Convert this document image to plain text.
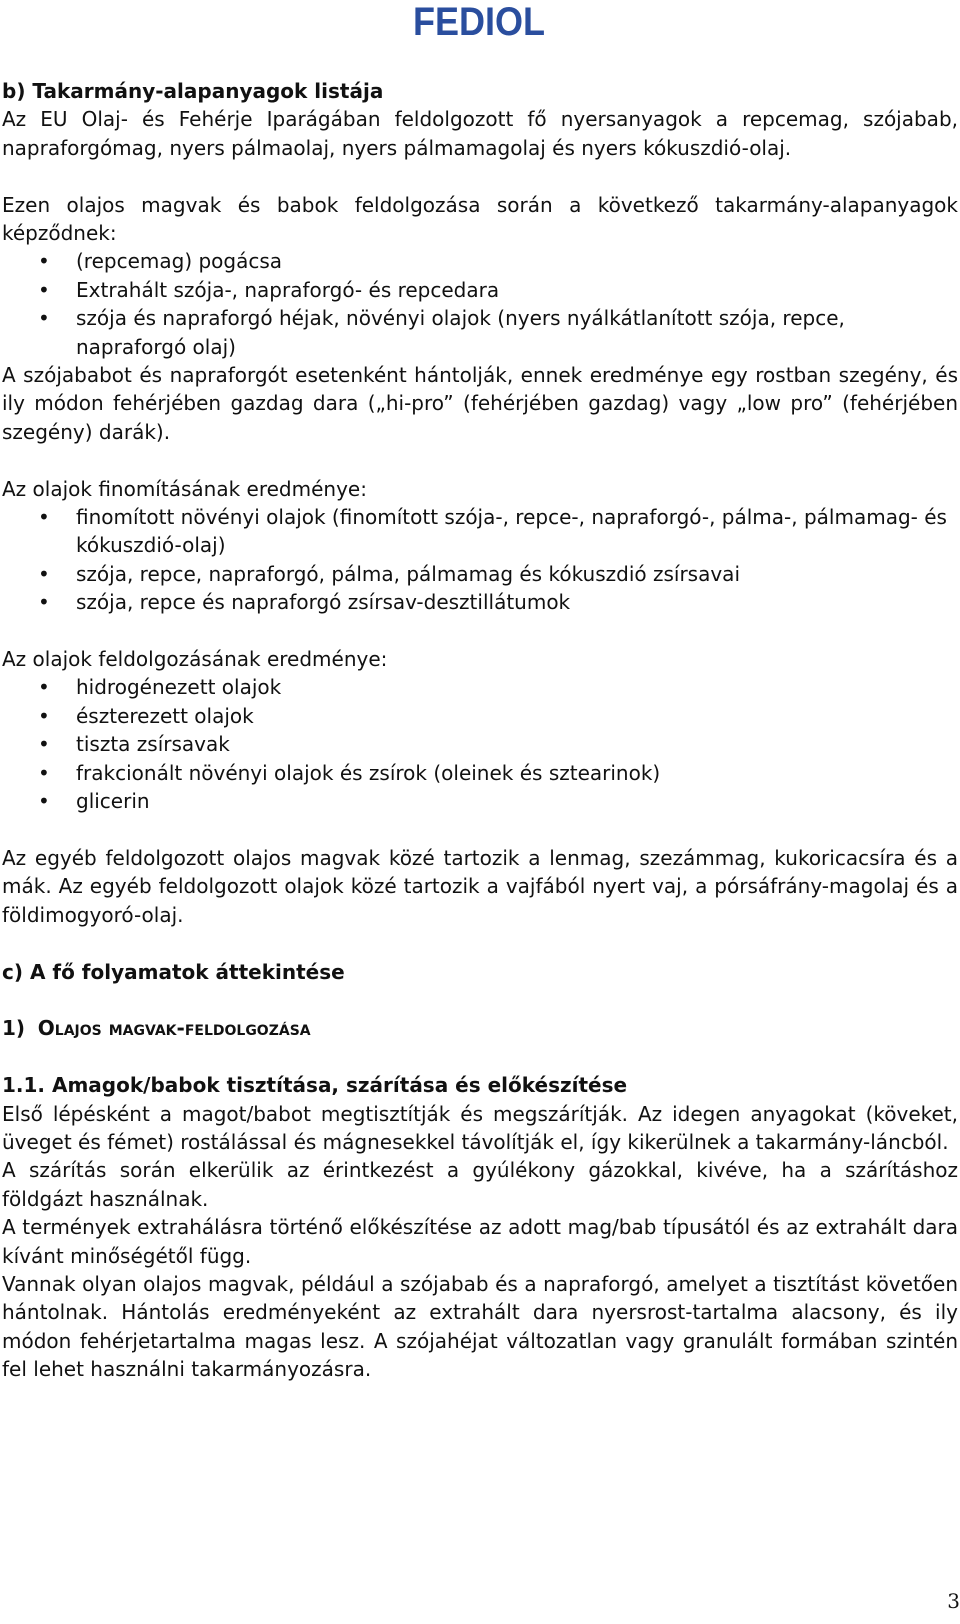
FEDIOL

b) Takarmány-alapanyagok listája

Az EU Olaj- és Fehérje Iparágában feldolgozott fő nyersanyagok a repcemag, szójabab, napraforgómag, nyers pálmaolaj, nyers pálmamagolaj és nyers kókuszdió-olaj.

Ezen olajos magvak és babok feldolgozása során a következő takarmány-alapanyagok képződnek:

• (repcemag) pogácsa
• Extrahált szója-, napraforgó- és repcedara
• szója és napraforgó héjak, növényi olajok (nyers nyálkátlanított szója, repce, napraforgó olaj)

A szójababot és napraforgót esetenként hántolják, ennek eredménye egy rostban szegény, és ily módon fehérjében gazdag dara („hi-pro” (fehérjében gazdag) vagy „low pro” (fehérjében szegény) darák).

Az olajok finomításának eredménye:

• finomított növényi olajok (finomított szója-, repce-, napraforgó-, pálma-, pálmamag- és kókuszdió-olaj)
• szója, repce, napraforgó, pálma, pálmamag és kókuszdió zsírsavai
• szója, repce és napraforgó zsírsav-desztillátumok

Az olajok feldolgozásának eredménye:

• hidrogénezett olajok
• észterezett olajok
• tiszta zsírsavak
• frakcionált növényi olajok és zsírok (oleinek és sztearinok)
• glicerin

Az egyéb feldolgozott olajos magvak közé tartozik a lenmag, szezámmag, kukoricacsíra és a mák. Az egyéb feldolgozott olajok közé tartozik a vajfából nyert vaj, a pórsáfrány-magolaj és a földimogyoró-olaj.

c) A fő folyamatok áttekintése

1) Olajos magvak-feldolgozása

1.1. Amagok/babok tisztítása, szárítása és előkészítése

Első lépésként a magot/babot megtisztítják és megszárítják. Az idegen anyagokat (köveket, üveget és fémet) rostálással és mágnesekkel távolítják el, így kikerülnek a takarmány-láncból.

A szárítás során elkerülik az érintkezést a gyúlékony gázokkal, kivéve, ha a szárításhoz földgázt használnak.

A termények extrahálásra történő előkészítése az adott mag/bab típusától és az extrahált dara kívánt minőségétől függ.

Vannak olyan olajos magvak, például a szójabab és a napraforgó, amelyet a tisztítást követően hántolnak. Hántolás eredményeként az extrahált dara nyersrost-tartalma alacsony, és ily módon fehérjetartalma magas lesz. A szójahéjat változatlan vagy granulált formában szintén fel lehet használni takarmányozásra.

3
